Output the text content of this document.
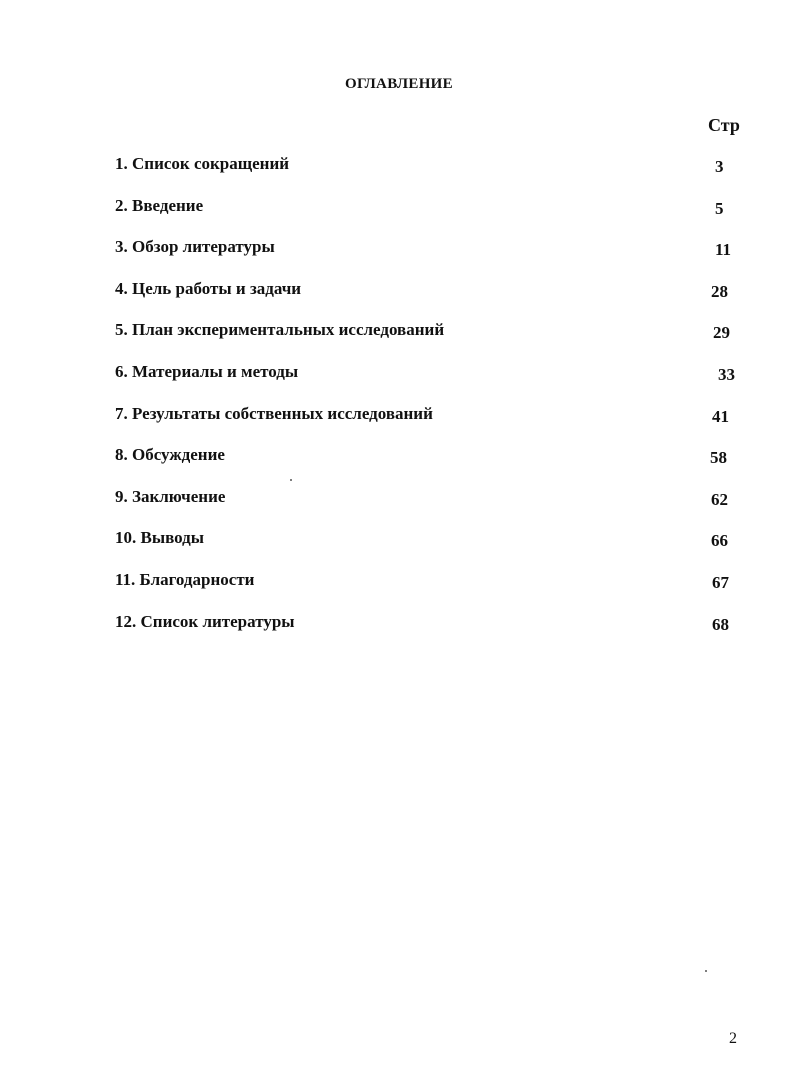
ОГЛАВЛЕНИЕ
Стр
1. Список сокращений	3
2. Введение	5
3. Обзор литературы	11
4. Цель работы и задачи	28
5. План экспериментальных исследований	29
6. Материалы и методы	33
7. Результаты собственных исследований	41
8. Обсуждение	58
9. Заключение	62
10. Выводы	66
11. Благодарности	67
12. Список литературы	68
2
